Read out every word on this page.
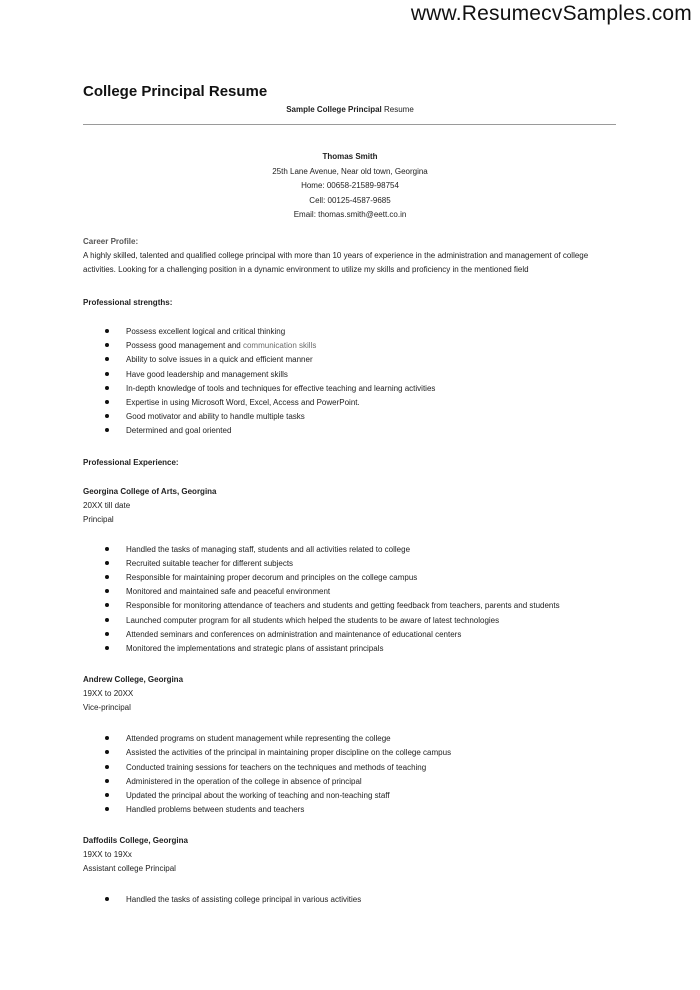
www.ResumecvSamples.com
College Principal Resume
Sample College Principal Resume
Thomas Smith
25th Lane Avenue, Near old town, Georgina
Home: 00658-21589-98754
Cell: 00125-4587-9685
Email: thomas.smith@eett.co.in
Career Profile:
A highly skilled, talented and qualified college principal with more than 10 years of experience in the administration and management of college activities. Looking for a challenging position in a dynamic environment to utilize my skills and proficiency in the mentioned field
Professional strengths:
Possess excellent logical and critical thinking
Possess good management and communication skills
Ability to solve issues in a quick and efficient manner
Have good leadership and management skills
In-depth knowledge of tools and techniques for effective teaching and learning activities
Expertise in using Microsoft Word, Excel, Access and PowerPoint.
Good motivator and ability to handle multiple tasks
Determined and goal oriented
Professional Experience:
Georgina College of Arts, Georgina
20XX till date
Principal
Handled the tasks of managing staff, students and all activities related to college
Recruited suitable teacher for different subjects
Responsible for maintaining proper decorum and principles on the college campus
Monitored and maintained safe and peaceful environment
Responsible for monitoring attendance of teachers and students and getting feedback from teachers, parents and students
Launched computer program for all students which helped the students to be aware of latest technologies
Attended seminars and conferences on administration and maintenance of educational centers
Monitored the implementations and strategic plans of assistant principals
Andrew College, Georgina
19XX to 20XX
Vice-principal
Attended programs on student management while representing the college
Assisted the activities of the principal in maintaining proper discipline on the college campus
Conducted training sessions for teachers on the techniques and methods of teaching
Administered in the operation of the college in absence of principal
Updated the principal about the working of teaching and non-teaching staff
Handled problems between students and teachers
Daffodils College, Georgina
19XX to 19Xx
Assistant college Principal
Handled the tasks of assisting college principal in various activities
